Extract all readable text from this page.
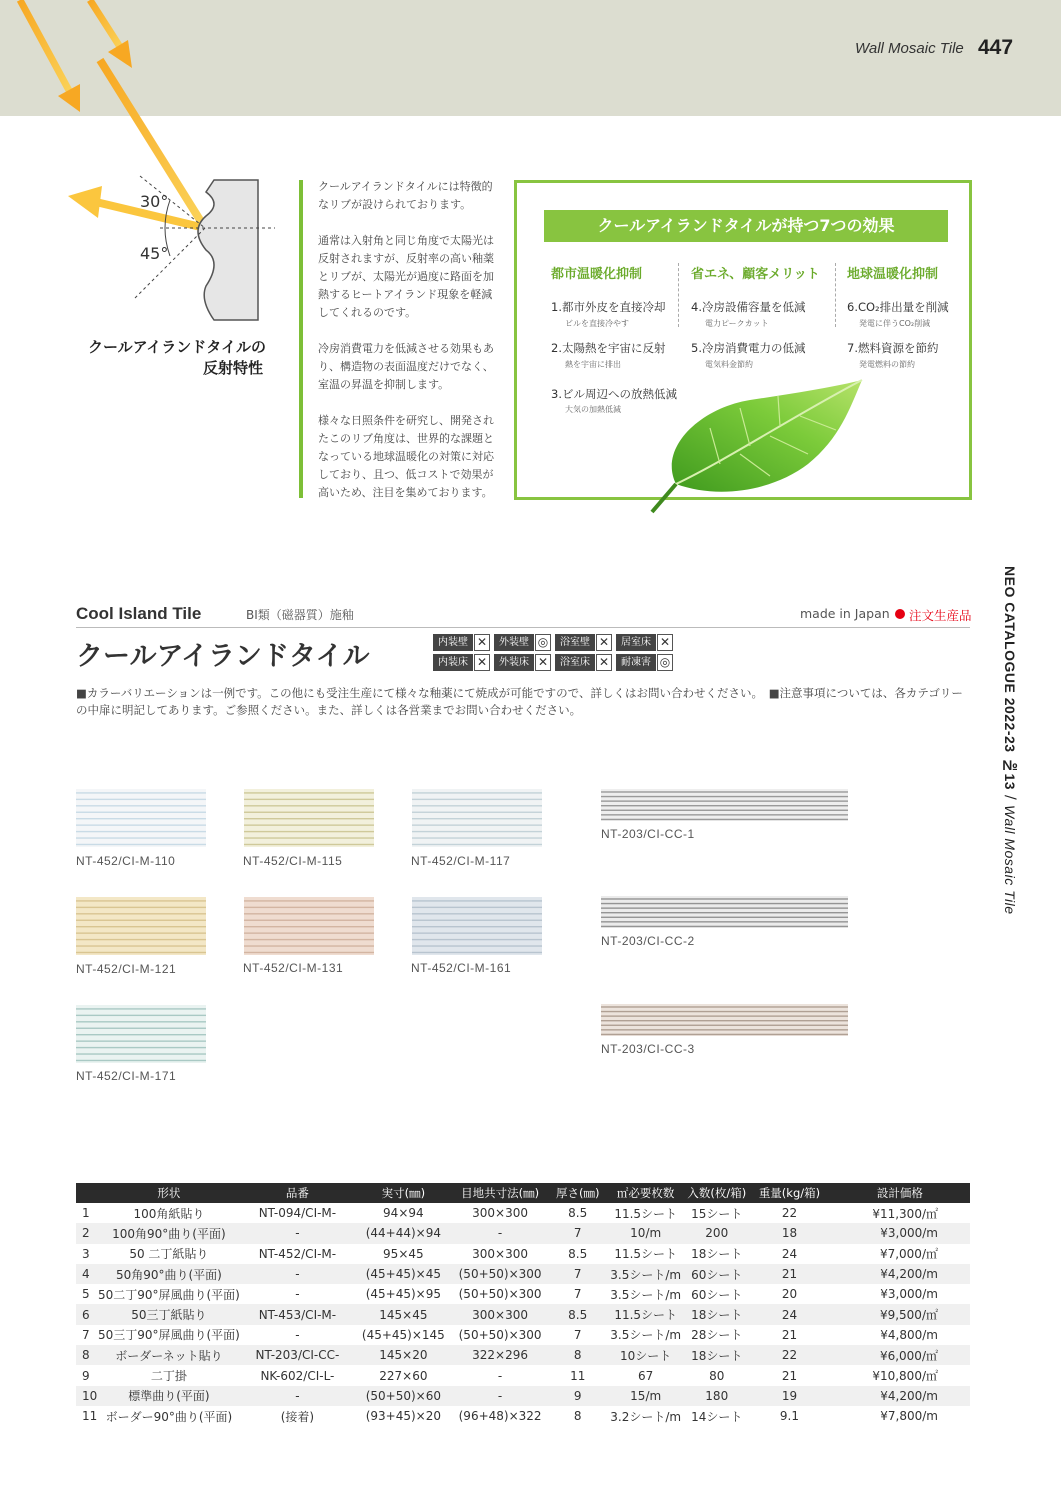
Wall Mosaic Tile 447
30°
45°
クールアイランドタイルの
反射特性

クールアイランドタイルには特徴的なリブが設けられております。

通常は入射角と同じ角度で太陽光は反射されますが、反射率の高い釉薬とリブが、太陽光が過度に路面を加熱するヒートアイランド現象を軽減してくれるのです。

冷房消費電力を低減させる効果もあり、構造物の表面温度だけでなく、室温の昇温を抑制します。

様々な日照条件を研究し、開発されたこのリブ角度は、世界的な課題となっている地球温暖化の対策に対応しており、且つ、低コストで効果が高いため、注目を集めております。

クールアイランドタイルが持つ7つの効果
都市温暖化抑制	省エネ、顧客メリット 地球温暖化抑制
1.都市外皮を直接冷却
ビルを直接冷やす
2.太陽熱を宇宙に反射
熱を宇宙に排出
3.ビル周辺への放熱低減
大気の加熱低減
4.冷房設備容量を低減
電力ピークカット
5.冷房消費電力の低減
電気料金節約
6.CO₂排出量を削減
発電に伴うCO₂削減
7.燃料資源を節約
発電燃料の節約
NEO CATALOGUE 2022-23 №13 / Wall Mosaic Tile
Cool Island Tile	BⅠ類（磁器質）施釉	made in Japan 注文生産品
クールアイランドタイル	内装壁 ✕	外装壁 ◎	浴室壁 ✕	居室床 ✕
内装床 ✕	外装床 ✕	浴室床 ✕	耐凍害 ◎
■カラーバリエーションは一例です。この他にも受注生産にて様々な釉薬にて焼成が可能ですので、詳しくはお問い合わせください。　■注意事項については、各カテゴリーの中扉に明記してあります。ご参照ください。また、詳しくは各営業までお問い合わせください。
NT-452/CI-M-110	NT-452/CI-M-115	NT-452/CI-M-117
NT-452/CI-M-121	NT-452/CI-M-131	NT-452/CI-M-161
NT-452/CI-M-171
NT-203/CI-CC-1
NT-203/CI-CC-2
NT-203/CI-CC-3
	形状	品番	実寸(㎜)	目地共寸法(㎜)	厚さ(㎜)	㎡必要枚数	入数(枚/箱)	重量(kg/箱)	設計価格
1	100角紙貼り	NT-094/CI-M-	94×94	300×300	8.5	11.5シート	15シート	22	¥11,300/㎡
2	100角90°曲り(平面)	-	(44+44)×94	-	7	10/m	200	18	¥3,000/m
3	50 二丁紙貼り	NT-452/CI-M-	95×45	300×300	8.5	11.5シート	18シート	24	¥7,000/㎡
4	50角90°曲り(平面)	-	(45+45)×45	(50+50)×300	7	3.5シート/m	60シート	21	¥4,200/m
5	50二丁90°屏風曲り(平面)	-	(45+45)×95	(50+50)×300	7	3.5シート/m	60シート	20	¥3,000/m
6	50三丁紙貼り	NT-453/CI-M-	145×45	300×300	8.5	11.5シート	18シート	24	¥9,500/㎡
7	50三丁90°屏風曲り(平面)	-	(45+45)×145	(50+50)×300	7	3.5シート/m	28シート	21	¥4,800/m
8	ボーダーネット貼り	NT-203/CI-CC-	145×20	322×296	8	10シート	18シート	22	¥6,000/㎡
9	二丁掛	NK-602/CI-L-	227×60	-	11	67	80	21	¥10,800/㎡
10	標準曲り(平面)	-	(50+50)×60	-	9	15/m	180	19	¥4,200/m
11	ボーダー90°曲り(平面)	(接着)	(93+45)×20	(96+48)×322	8	3.2シート/m	14シート	9.1	¥7,800/m
